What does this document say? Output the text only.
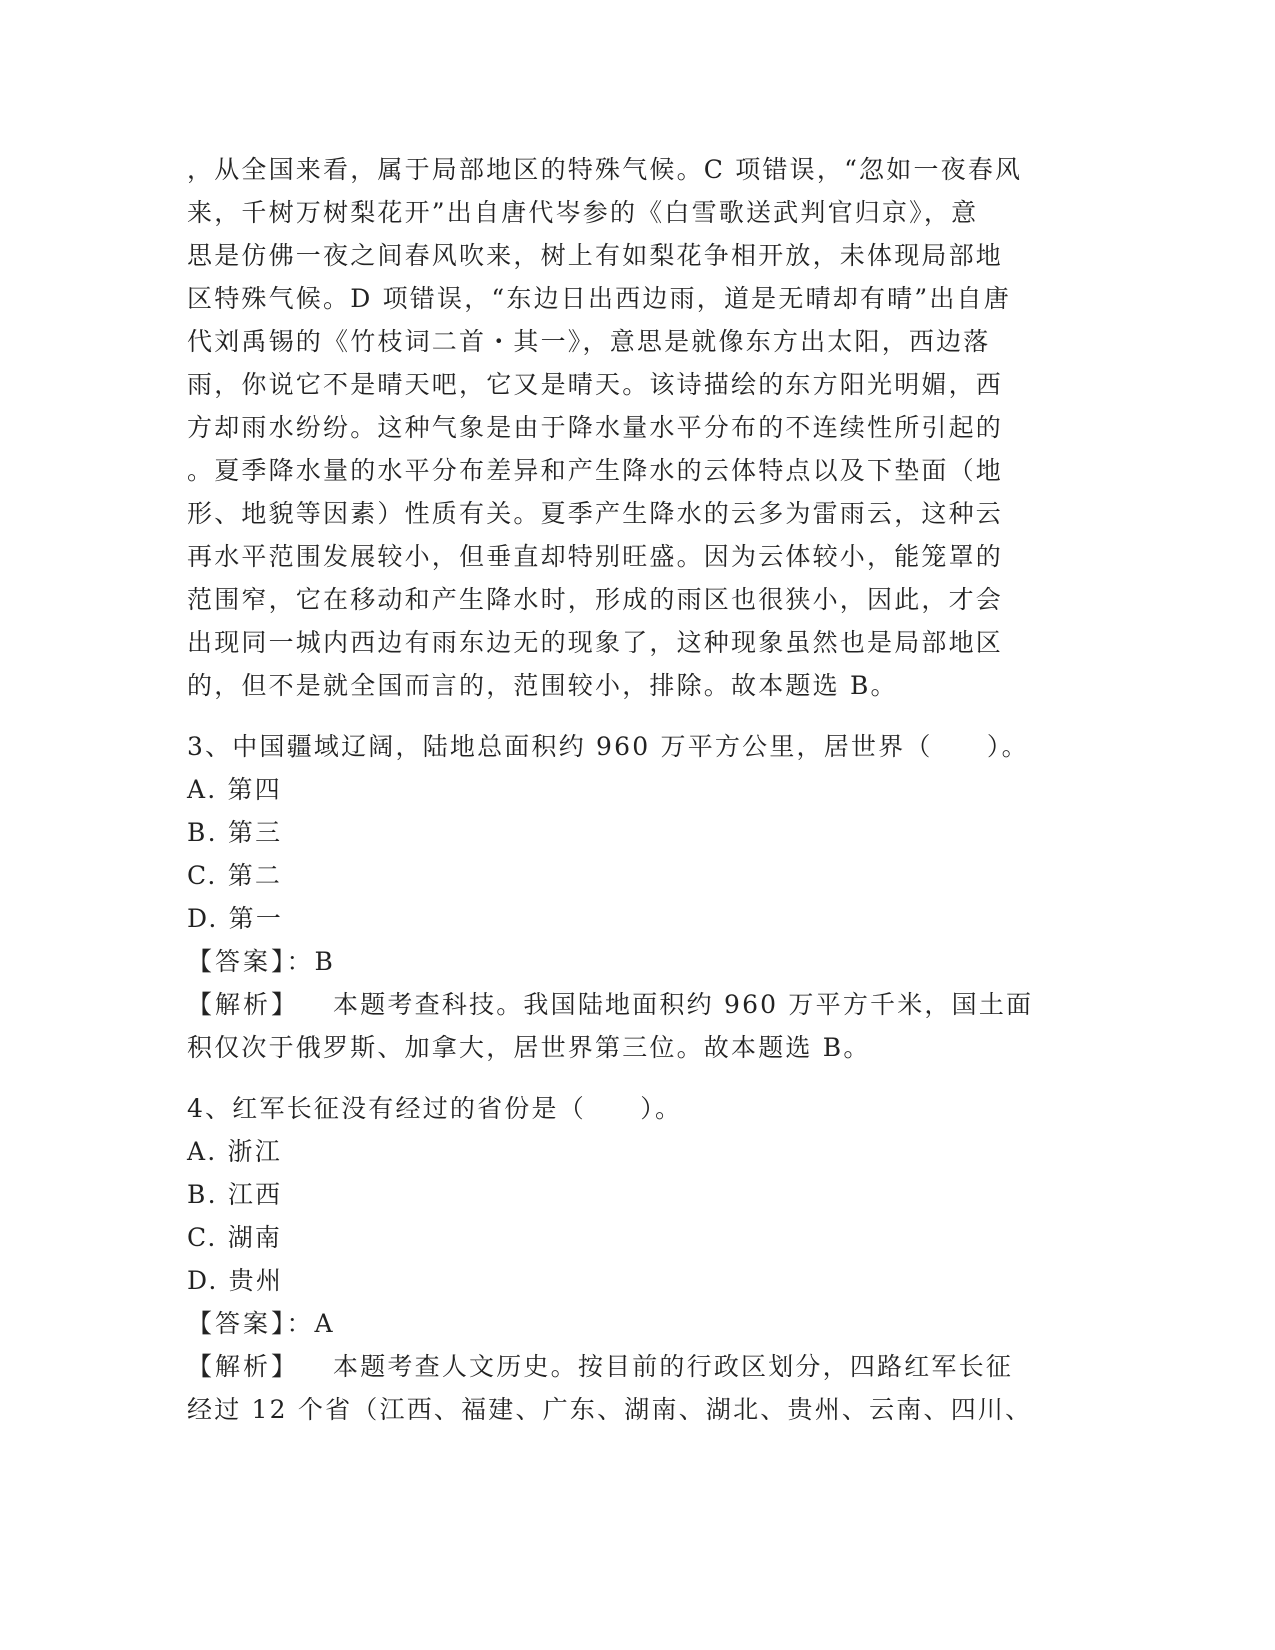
，从全国来看，属于局部地区的特殊气候。C 项错误，“忽如一夜春风
来，千树万树梨花开”出自唐代岑参的《白雪歌送武判官归京》，意
思是仿佛一夜之间春风吹来，树上有如梨花争相开放，未体现局部地
区特殊气候。D 项错误，“东边日出西边雨，道是无晴却有晴”出自唐
代刘禹锡的《竹枝词二首・其一》，意思是就像东方出太阳，西边落
雨，你说它不是晴天吧，它又是晴天。该诗描绘的东方阳光明媚，西
方却雨水纷纷。这种气象是由于降水量水平分布的不连续性所引起的
。夏季降水量的水平分布差异和产生降水的云体特点以及下垫面（地
形、地貌等因素）性质有关。夏季产生降水的云多为雷雨云，这种云
再水平范围发展较小，但垂直却特别旺盛。因为云体较小，能笼罩的
范围窄，它在移动和产生降水时，形成的雨区也很狭小，因此，才会
出现同一城内西边有雨东边无的现象了，这种现象虽然也是局部地区
的，但不是就全国而言的，范围较小，排除。故本题选 B。
3、中国疆域辽阔，陆地总面积约 960 万平方公里，居世界（　　）。
A. 第四
B. 第三
C. 第二
D. 第一
【答案】：B
【解析】 本题考查科技。我国陆地面积约 960 万平方千米，国土面
积仅次于俄罗斯、加拿大，居世界第三位。故本题选 B。
4、红军长征没有经过的省份是（　　）。
A. 浙江
B. 江西
C. 湖南
D. 贵州
【答案】：A
【解析】 本题考查人文历史。按目前的行政区划分，四路红军长征
经过 12 个省（江西、福建、广东、湖南、湖北、贵州、云南、四川、
